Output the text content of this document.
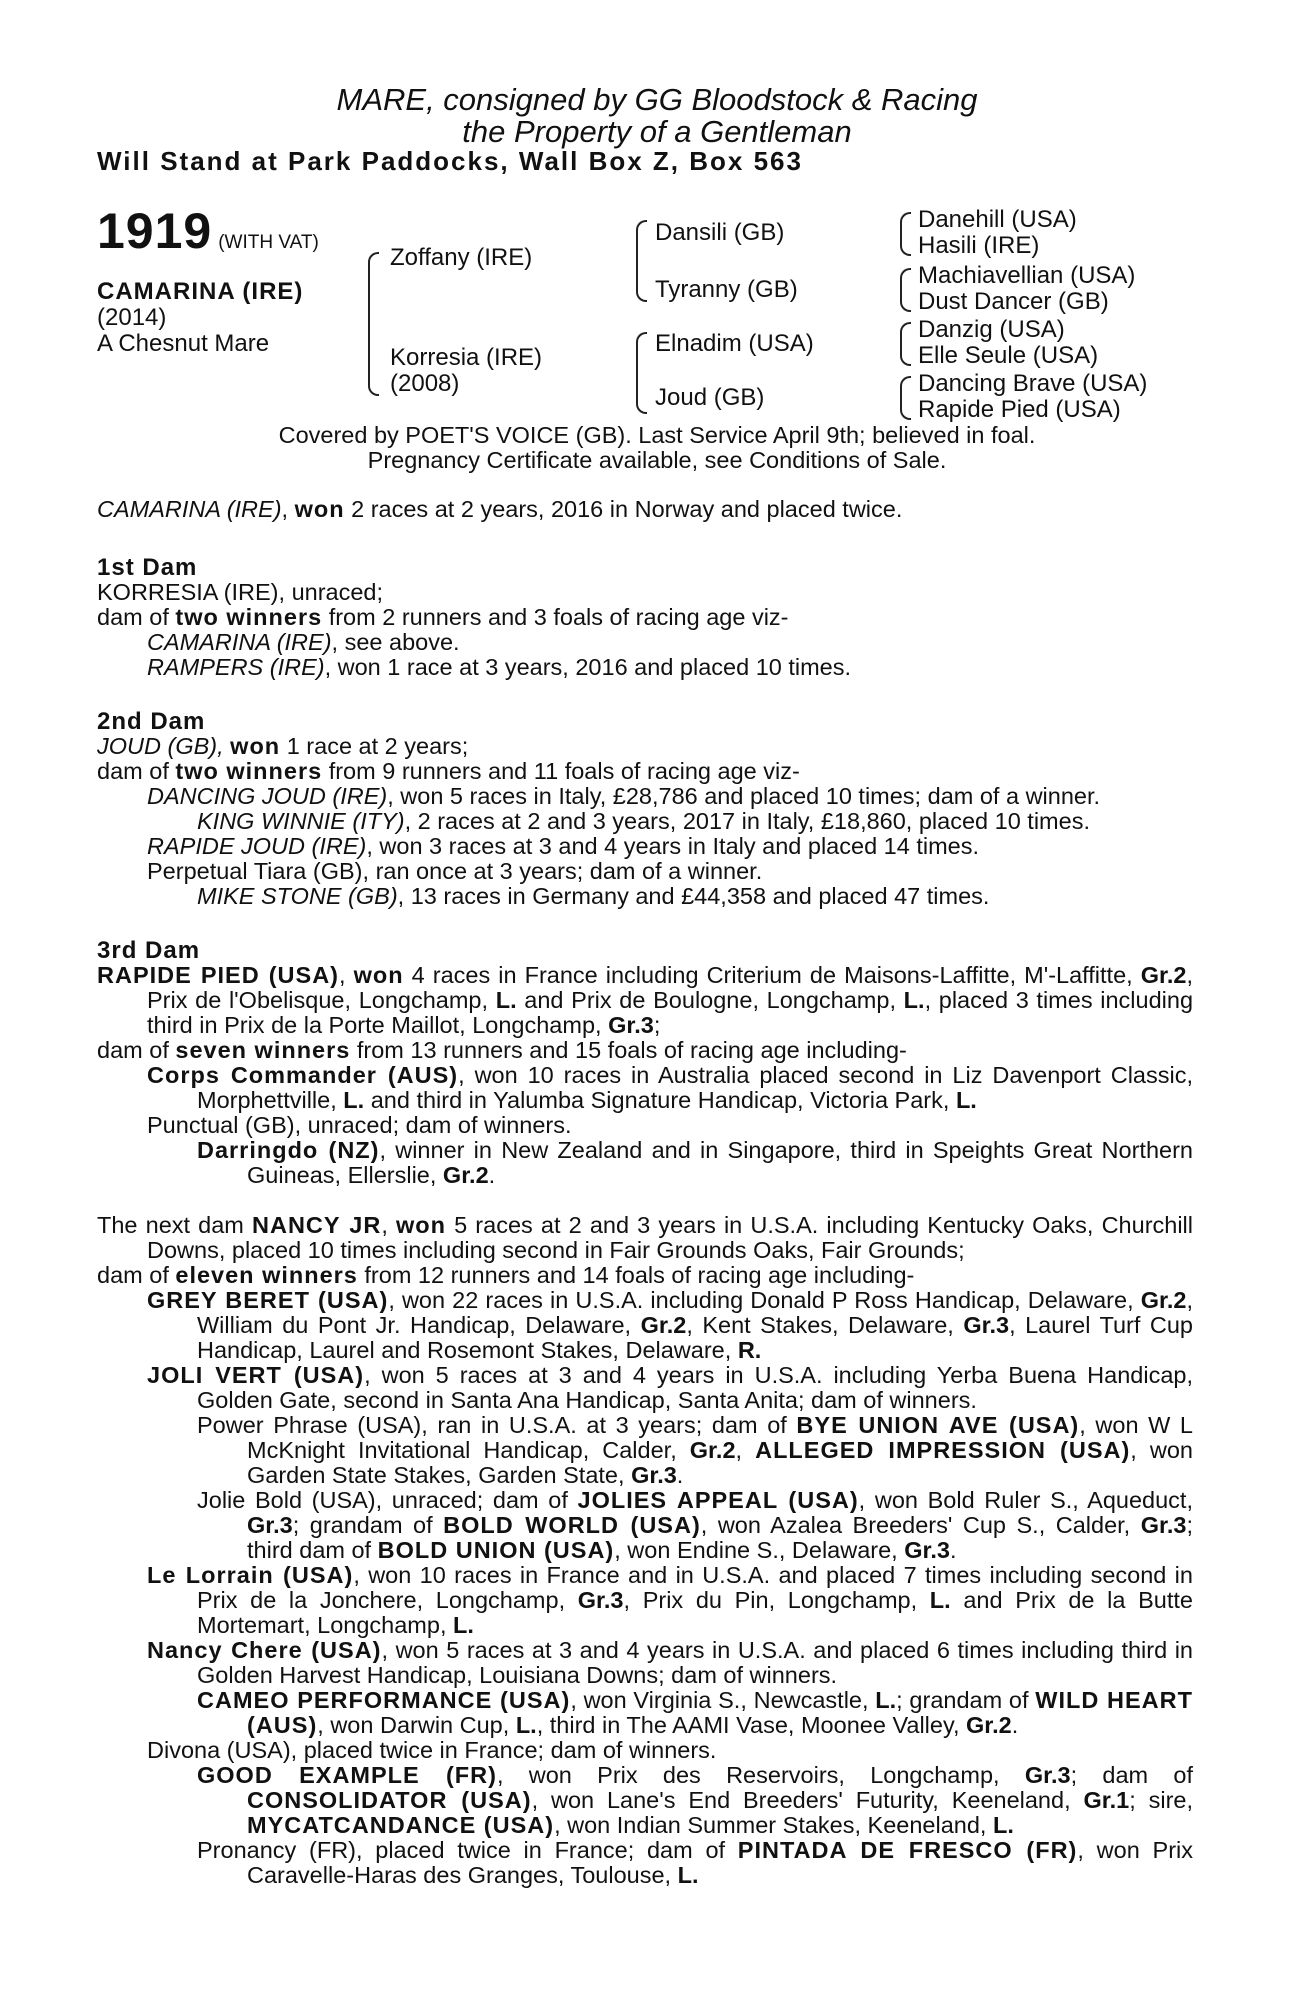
MARE, consigned by GG Bloodstock & Racing
the Property of a Gentleman
Will Stand at Park Paddocks, Wall Box Z, Box 563
1919 (WITH VAT)
CAMARINA (IRE)
(2014)
A Chesnut Mare
Zoffany (IRE)
Korresia (IRE)
(2008)
Dansili (GB)
Tyranny (GB)
Elnadim (USA)
Joud (GB)
Danehill (USA)
Hasili (IRE)
Machiavellian (USA)
Dust Dancer (GB)
Danzig (USA)
Elle Seule (USA)
Dancing Brave (USA)
Rapide Pied (USA)
Covered by POET'S VOICE (GB). Last Service April 9th; believed in foal.
Pregnancy Certificate available, see Conditions of Sale.

CAMARINA (IRE), won 2 races at 2 years, 2016 in Norway and placed twice.

1st Dam

KORRESIA (IRE), unraced;

dam of two winners from 2 runners and 3 foals of racing age viz-

CAMARINA (IRE), see above.

RAMPERS (IRE), won 1 race at 3 years, 2016 and placed 10 times.

2nd Dam

JOUD (GB), won 1 race at 2 years;

dam of two winners from 9 runners and 11 foals of racing age viz-

DANCING JOUD (IRE), won 5 races in Italy, £28,786 and placed 10 times; dam of a winner.

KING WINNIE (ITY), 2 races at 2 and 3 years, 2017 in Italy, £18,860, placed 10 times.

RAPIDE JOUD (IRE), won 3 races at 3 and 4 years in Italy and placed 14 times.

Perpetual Tiara (GB), ran once at 3 years; dam of a winner.

MIKE STONE (GB), 13 races in Germany and £44,358 and placed 47 times.

3rd Dam

RAPIDE PIED (USA), won 4 races in France including Criterium de Maisons-Laffitte, M'-Laffitte, Gr.2, Prix de l'Obelisque, Longchamp, L. and Prix de Boulogne, Longchamp, L., placed 3 times including third in Prix de la Porte Maillot, Longchamp, Gr.3;

dam of seven winners from 13 runners and 15 foals of racing age including-

Corps Commander (AUS), won 10 races in Australia placed second in Liz Davenport Classic, Morphettville, L. and third in Yalumba Signature Handicap, Victoria Park, L.

Punctual (GB), unraced; dam of winners.

Darringdo (NZ), winner in New Zealand and in Singapore, third in Speights Great Northern Guineas, Ellerslie, Gr.2.

The next dam NANCY JR, won 5 races at 2 and 3 years in U.S.A. including Kentucky Oaks, Churchill Downs, placed 10 times including second in Fair Grounds Oaks, Fair Grounds;

dam of eleven winners from 12 runners and 14 foals of racing age including-

GREY BERET (USA), won 22 races in U.S.A. including Donald P Ross Handicap, Delaware, Gr.2, William du Pont Jr. Handicap, Delaware, Gr.2, Kent Stakes, Delaware, Gr.3, Laurel Turf Cup Handicap, Laurel and Rosemont Stakes, Delaware, R.

JOLI VERT (USA), won 5 races at 3 and 4 years in U.S.A. including Yerba Buena Handicap, Golden Gate, second in Santa Ana Handicap, Santa Anita; dam of winners.

Power Phrase (USA), ran in U.S.A. at 3 years; dam of BYE UNION AVE (USA), won W L McKnight Invitational Handicap, Calder, Gr.2, ALLEGED IMPRESSION (USA), won Garden State Stakes, Garden State, Gr.3.

Jolie Bold (USA), unraced; dam of JOLIES APPEAL (USA), won Bold Ruler S., Aqueduct, Gr.3; grandam of BOLD WORLD (USA), won Azalea Breeders' Cup S., Calder, Gr.3; third dam of BOLD UNION (USA), won Endine S., Delaware, Gr.3.

Le Lorrain (USA), won 10 races in France and in U.S.A. and placed 7 times including second in Prix de la Jonchere, Longchamp, Gr.3, Prix du Pin, Longchamp, L. and Prix de la Butte Mortemart, Longchamp, L.

Nancy Chere (USA), won 5 races at 3 and 4 years in U.S.A. and placed 6 times including third in Golden Harvest Handicap, Louisiana Downs; dam of winners.

CAMEO PERFORMANCE (USA), won Virginia S., Newcastle, L.; grandam of WILD HEART (AUS), won Darwin Cup, L., third in The AAMI Vase, Moonee Valley, Gr.2.

Divona (USA), placed twice in France; dam of winners.

GOOD EXAMPLE (FR), won Prix des Reservoirs, Longchamp, Gr.3; dam of CONSOLIDATOR (USA), won Lane's End Breeders' Futurity, Keeneland, Gr.1; sire, MYCATCANDANCE (USA), won Indian Summer Stakes, Keeneland, L.

Pronancy (FR), placed twice in France; dam of PINTADA DE FRESCO (FR), won Prix Caravelle-Haras des Granges, Toulouse, L.
